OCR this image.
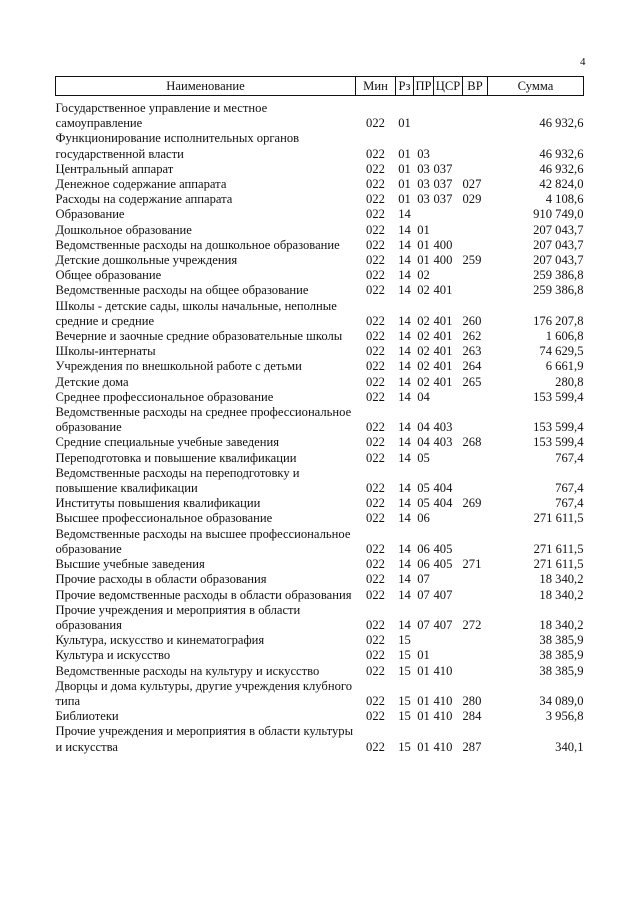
4
Наименование	Мин	Рз	ПР	ЦСР	ВР	Сумма
Государственное управление и местное самоуправление	022	01				46 932,6
Функционирование исполнительных органов государственной власти	022	01	03			46 932,6
Центральный аппарат	022	01	03	037		46 932,6
Денежное содержание аппарата	022	01	03	037	027	42 824,0
Расходы на содержание аппарата	022	01	03	037	029	4 108,6
Образование	022	14				910 749,0
Дошкольное образование	022	14	01			207 043,7
Ведомственные расходы на дошкольное образование	022	14	01	400		207 043,7
Детские дошкольные учреждения	022	14	01	400	259	207 043,7
Общее образование	022	14	02			259 386,8
Ведомственные расходы на общее образование	022	14	02	401		259 386,8
Школы - детские сады, школы начальные, неполные средние и средние	022	14	02	401	260	176 207,8
Вечерние и заочные средние образовательные школы	022	14	02	401	262	1 606,8
Школы-интернаты	022	14	02	401	263	74 629,5
Учреждения по внешкольной работе с детьми	022	14	02	401	264	6 661,9
Детские дома	022	14	02	401	265	280,8
Среднее профессиональное образование	022	14	04			153 599,4
Ведомственные расходы на среднее профессиональное образование	022	14	04	403		153 599,4
Средние специальные учебные заведения	022	14	04	403	268	153 599,4
Переподготовка и повышение квалификации	022	14	05			767,4
Ведомственные расходы на переподготовку и повышение квалификации	022	14	05	404		767,4
Институты повышения квалификации	022	14	05	404	269	767,4
Высшее профессиональное образование	022	14	06			271 611,5
Ведомственные расходы на высшее профессиональное образование	022	14	06	405		271 611,5
Высшие учебные заведения	022	14	06	405	271	271 611,5
Прочие расходы в области образования	022	14	07			18 340,2
Прочие ведомственные расходы в области образования	022	14	07	407		18 340,2
Прочие учреждения и мероприятия в области образования	022	14	07	407	272	18 340,2
Культура, искусство и кинематография	022	15				38 385,9
Культура и искусство	022	15	01			38 385,9
Ведомственные расходы на культуру и искусство	022	15	01	410		38 385,9
Дворцы и дома культуры, другие учреждения клубного типа	022	15	01	410	280	34 089,0
Библиотеки	022	15	01	410	284	3 956,8
Прочие учреждения и мероприятия в области культуры и искусства	022	15	01	410	287	340,1
